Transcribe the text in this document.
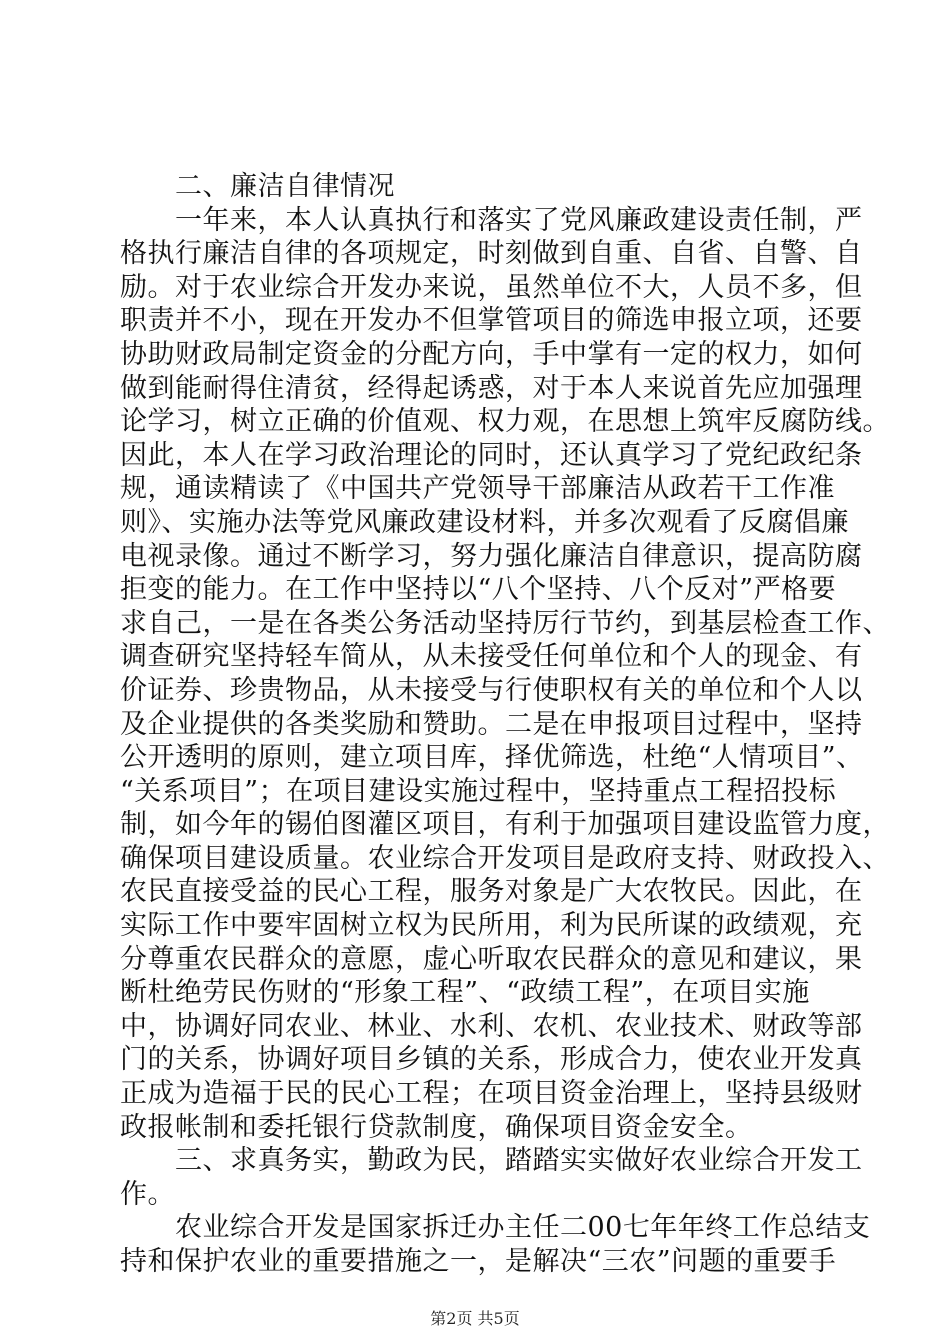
　　二、廉洁自律情况
　　一年来，本人认真执行和落实了党风廉政建设责任制，严
格执行廉洁自律的各项规定，时刻做到自重、自省、自警、自
励。对于农业综合开发办来说，虽然单位不大，人员不多，但
职责并不小，现在开发办不但掌管项目的筛选申报立项，还要
协助财政局制定资金的分配方向，手中掌有一定的权力，如何
做到能耐得住清贫，经得起诱惑，对于本人来说首先应加强理
论学习，树立正确的价值观、权力观，在思想上筑牢反腐防线。
因此，本人在学习政治理论的同时，还认真学习了党纪政纪条
规，通读精读了《中国共产党领导干部廉洁从政若干工作准
则》、实施办法等党风廉政建设材料，并多次观看了反腐倡廉
电视录像。通过不断学习，努力强化廉洁自律意识，提高防腐
拒变的能力。在工作中坚持以“八个坚持、八个反对”严格要
求自己，一是在各类公务活动坚持厉行节约，到基层检查工作、
调查研究坚持轻车简从，从未接受任何单位和个人的现金、有
价证券、珍贵物品，从未接受与行使职权有关的单位和个人以
及企业提供的各类奖励和赞助。二是在申报项目过程中，坚持
公开透明的原则，建立项目库，择优筛选，杜绝“人情项目”、
“关系项目”；在项目建设实施过程中，坚持重点工程招投标
制，如今年的锡伯图灌区项目，有利于加强项目建设监管力度，
确保项目建设质量。农业综合开发项目是政府支持、财政投入、
农民直接受益的民心工程，服务对象是广大农牧民。因此，在
实际工作中要牢固树立权为民所用，利为民所谋的政绩观，充
分尊重农民群众的意愿，虚心听取农民群众的意见和建议，果
断杜绝劳民伤财的“形象工程”、“政绩工程”，在项目实施
中，协调好同农业、林业、水利、农机、农业技术、财政等部
门的关系，协调好项目乡镇的关系，形成合力，使农业开发真
正成为造福于民的民心工程；在项目资金治理上，坚持县级财
政报帐制和委托银行贷款制度，确保项目资金安全。
　　三、求真务实，勤政为民，踏踏实实做好农业综合开发工
作。
　　农业综合开发是国家拆迁办主任二00七年年终工作总结支
持和保护农业的重要措施之一，是解决“三农”问题的重要手
第2页 共5页
